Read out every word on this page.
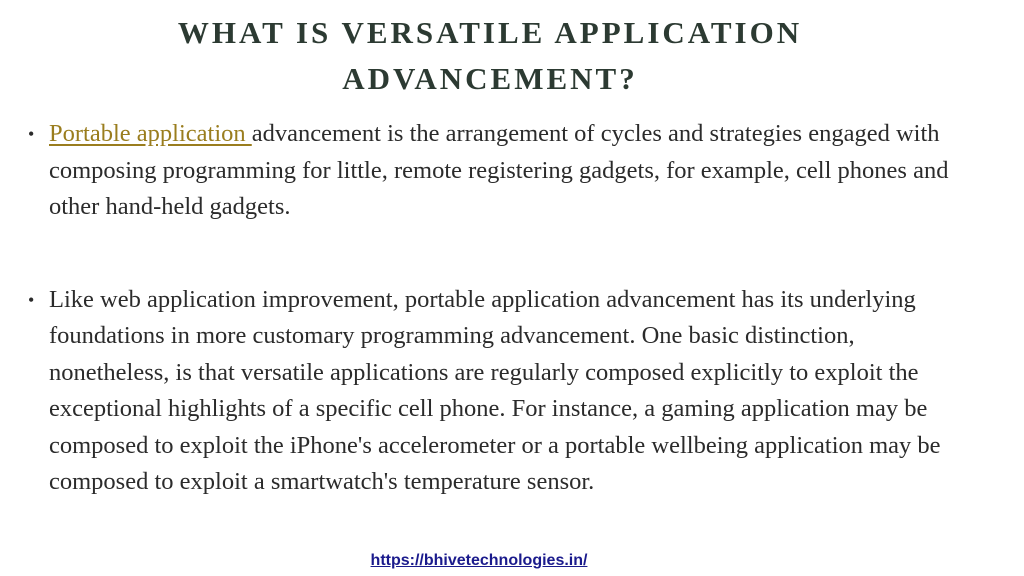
WHAT IS VERSATILE APPLICATION ADVANCEMENT?
• Portable application advancement is the arrangement of cycles and strategies engaged with composing programming for little, remote registering gadgets, for example, cell phones and other hand-held gadgets.
• Like web application improvement, portable application advancement has its underlying foundations in more customary programming advancement. One basic distinction, nonetheless, is that versatile applications are regularly composed explicitly to exploit the exceptional highlights of a specific cell phone. For instance, a gaming application may be composed to exploit the iPhone's accelerometer or a portable wellbeing application may be composed to exploit a smartwatch's temperature sensor.
https://bhivetechnologies.in/
